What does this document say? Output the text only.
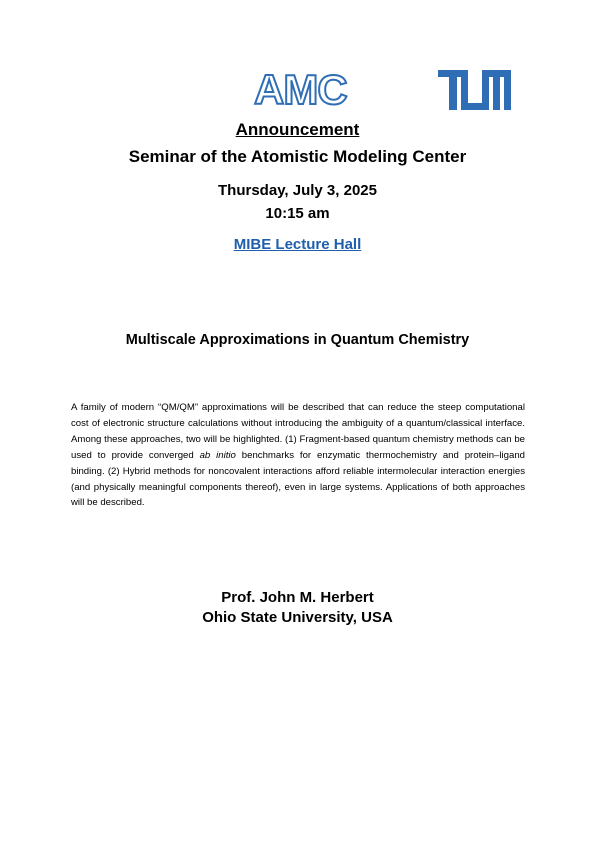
AMC
Announcement
Seminar of the Atomistic Modeling Center
Thursday, July 3, 2025
10:15 am
MIBE Lecture Hall
Multiscale Approximations in Quantum Chemistry
A family of modern “QM/QM” approximations will be described that can reduce the steep computational cost of electronic structure calculations without introducing the ambiguity of a quantum/classical interface. Among these approaches, two will be highlighted. (1) Fragment-based quantum chemistry methods can be used to provide converged ab initio benchmarks for enzymatic thermochemistry and protein–ligand binding. (2) Hybrid methods for noncovalent interactions afford reliable intermolecular interaction energies (and physically meaningful components thereof), even in large systems. Applications of both approaches will be described.
Prof. John M. Herbert
Ohio State University, USA
